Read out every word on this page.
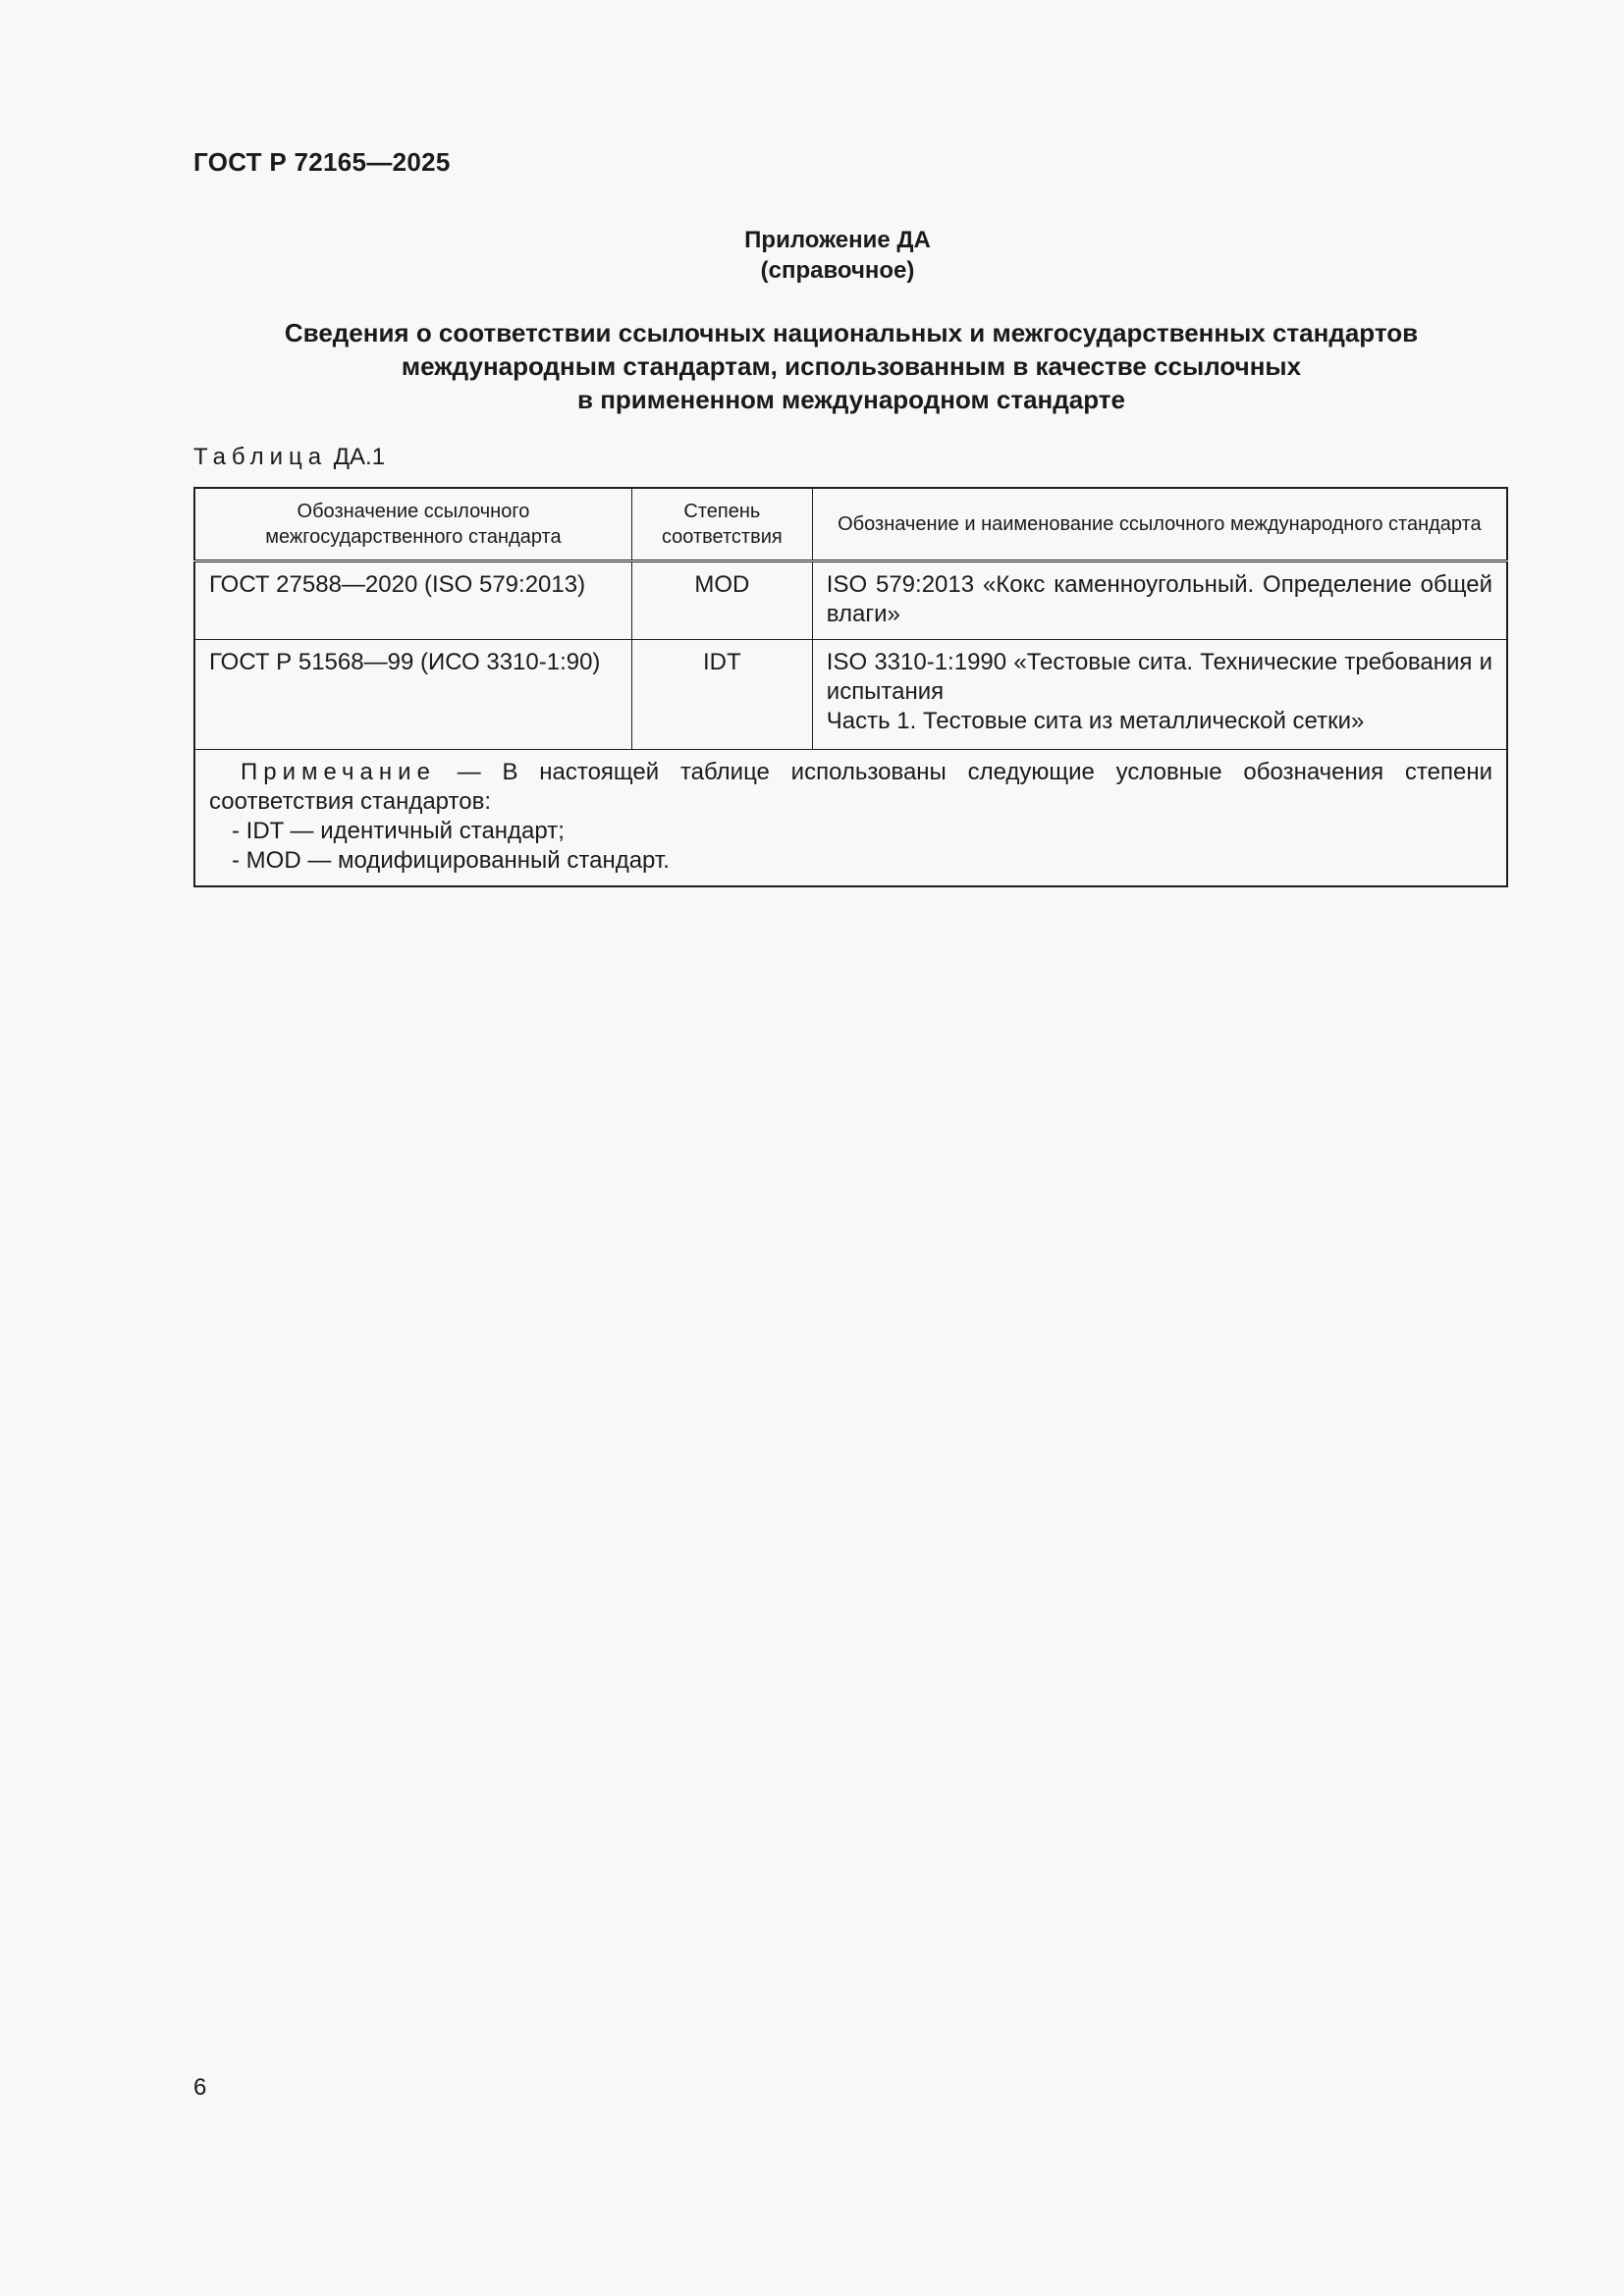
ГОСТ Р 72165—2025
Приложение ДА
(справочное)
Сведения о соответствии ссылочных национальных и межгосударственных стандартов
международным стандартам, использованным в качестве ссылочных
в примененном международном стандарте
Таблица ДА.1
Обозначение ссылочного межгосударственного стандарта	Степень соответствия	Обозначение и наименование ссылочного международного стандарта
ГОСТ 27588—2020 (ISO 579:2013)	MOD	ISO 579:2013 «Кокс каменноугольный. Определение общей влаги»

ГОСТ Р 51568—99 (ИСО 3310-1:90)	IDT	ISO 3310-1:1990 «Тестовые сита. Технические требования и испытания
Часть 1. Тестовые сита из металлической сетки»

Примечание — В настоящей таблице использованы следующие условные обозначения степени соответствия стандартов:
- IDT — идентичный стандарт;
- MOD — модифицированный стандарт.		
6
